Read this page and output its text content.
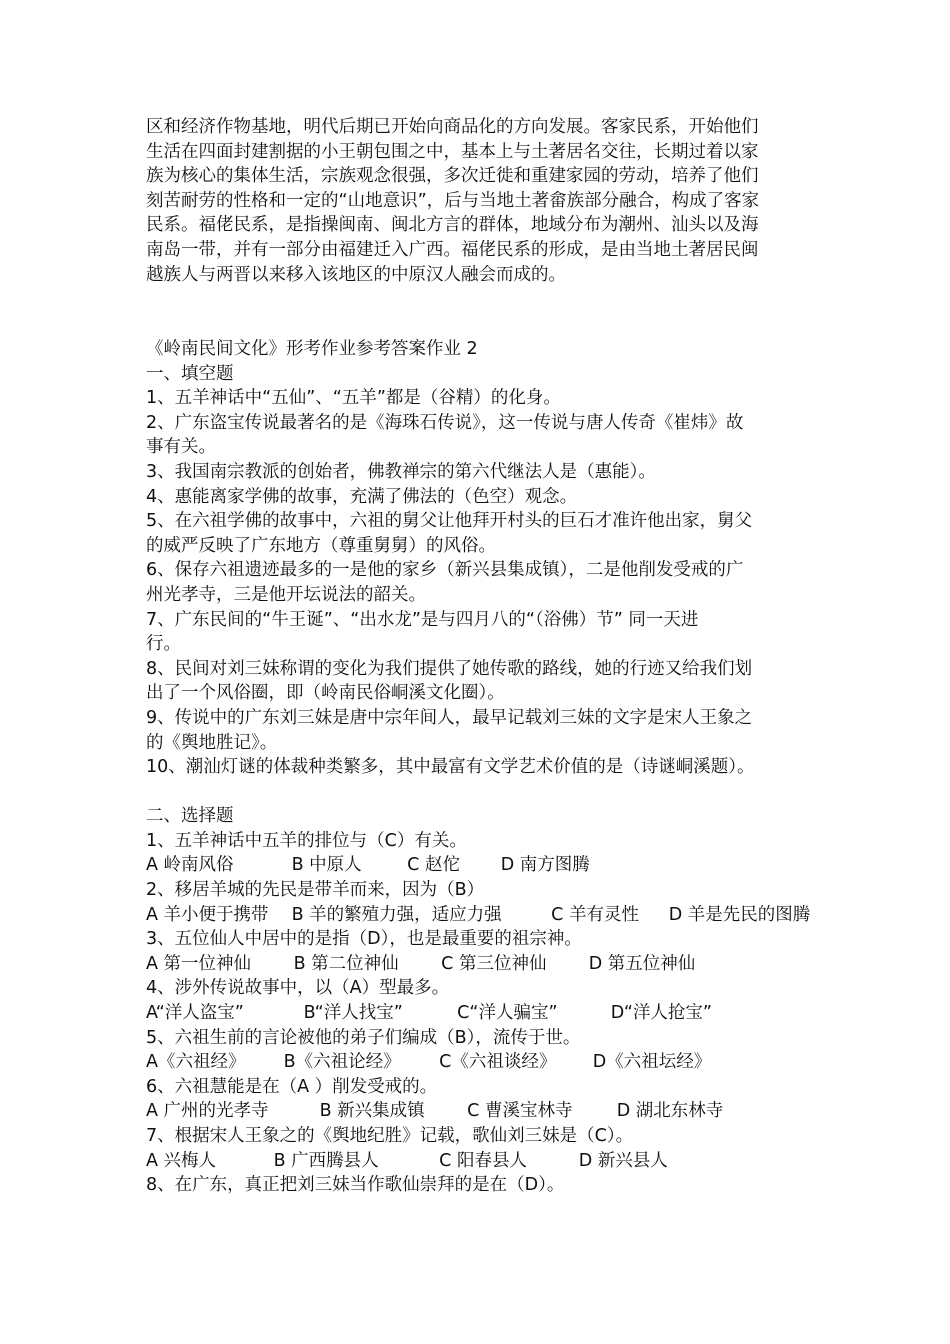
区和经济作物基地，明代后期已开始向商品化的方向发展。客家民系，开始他们
生活在四面封建割据的小王朝包围之中，基本上与土著居名交往，长期过着以家
族为核心的集体生活，宗族观念很强，多次迁徙和重建家园的劳动，培养了他们
刻苦耐劳的性格和一定的“山地意识”，后与当地土著畲族部分融合，构成了客家
民系。福佬民系，是指操闽南、闽北方言的群体，地域分布为潮州、汕头以及海
南岛一带，并有一部分由福建迁入广西。福佬民系的形成，是由当地土著居民闽
越族人与两晋以来移入该地区的中原汉人融会而成的。
《岭南民间文化》形考作业参考答案作业 2
一、填空题
1、五羊神话中“五仙”、“五羊”都是（谷精）的化身。
2、广东盗宝传说最著名的是《海珠石传说》，这一传说与唐人传奇《崔炜》故
事有关。
3、我国南宗教派的创始者，佛教禅宗的第六代继法人是（惠能）。
4、惠能离家学佛的故事，充满了佛法的（色空）观念。
5、在六祖学佛的故事中，六祖的舅父让他拜开村头的巨石才准许他出家，舅父
的威严反映了广东地方（尊重舅舅）的风俗。
6、保存六祖遗迹最多的一是他的家乡（新兴县集成镇），二是他削发受戒的广
州光孝寺，三是他开坛说法的韶关。
7、广东民间的“牛王诞”、“出水龙”是与四月八的“（浴佛）节” 同一天进
行。
8、民间对刘三妹称谓的变化为我们提供了她传歌的路线，她的行迹又给我们划
出了一个风俗圈，即（岭南民俗峒溪文化圈）。
9、传说中的广东刘三妹是唐中宗年间人，最早记载刘三妹的文字是宋人王象之
的《舆地胜记》。
10、潮汕灯谜的体裁种类繁多，其中最富有文学艺术价值的是（诗谜峒溪题）。
二、选择题
1、五羊神话中五羊的排位与（C）有关。
A 岭南风俗	B 中原人	C 赵佗 D 南方图腾
2、移居羊城的先民是带羊而来，因为（B）
A 羊小便于携带 B 羊的繁殖力强，适应力强	C 羊有灵性 D 羊是先民的图腾
3、五位仙人中居中的是指（D），也是最重要的祖宗神。
A 第一位神仙 B 第二位神仙 C 第三位神仙 D 第五位神仙
4、涉外传说故事中，以（A）型最多。
A“洋人盗宝”	B“洋人找宝”	C“洋人骗宝”	D“洋人抢宝”
5、六祖生前的言论被他的弟子们编成（B），流传于世。
A《六祖经》 B《六祖论经》 C《六祖谈经》 D《六祖坛经》
6、六祖慧能是在（A ）削发受戒的。
A 广州的光孝寺	B 新兴集成镇 C 曹溪宝林寺	D 湖北东林寺
7、根据宋人王象之的《舆地纪胜》记载，歌仙刘三妹是（C）。
A 兴梅人	B 广西腾县人	C 阳春县人	D 新兴县人
8、在广东，真正把刘三妹当作歌仙崇拜的是在（D）。
